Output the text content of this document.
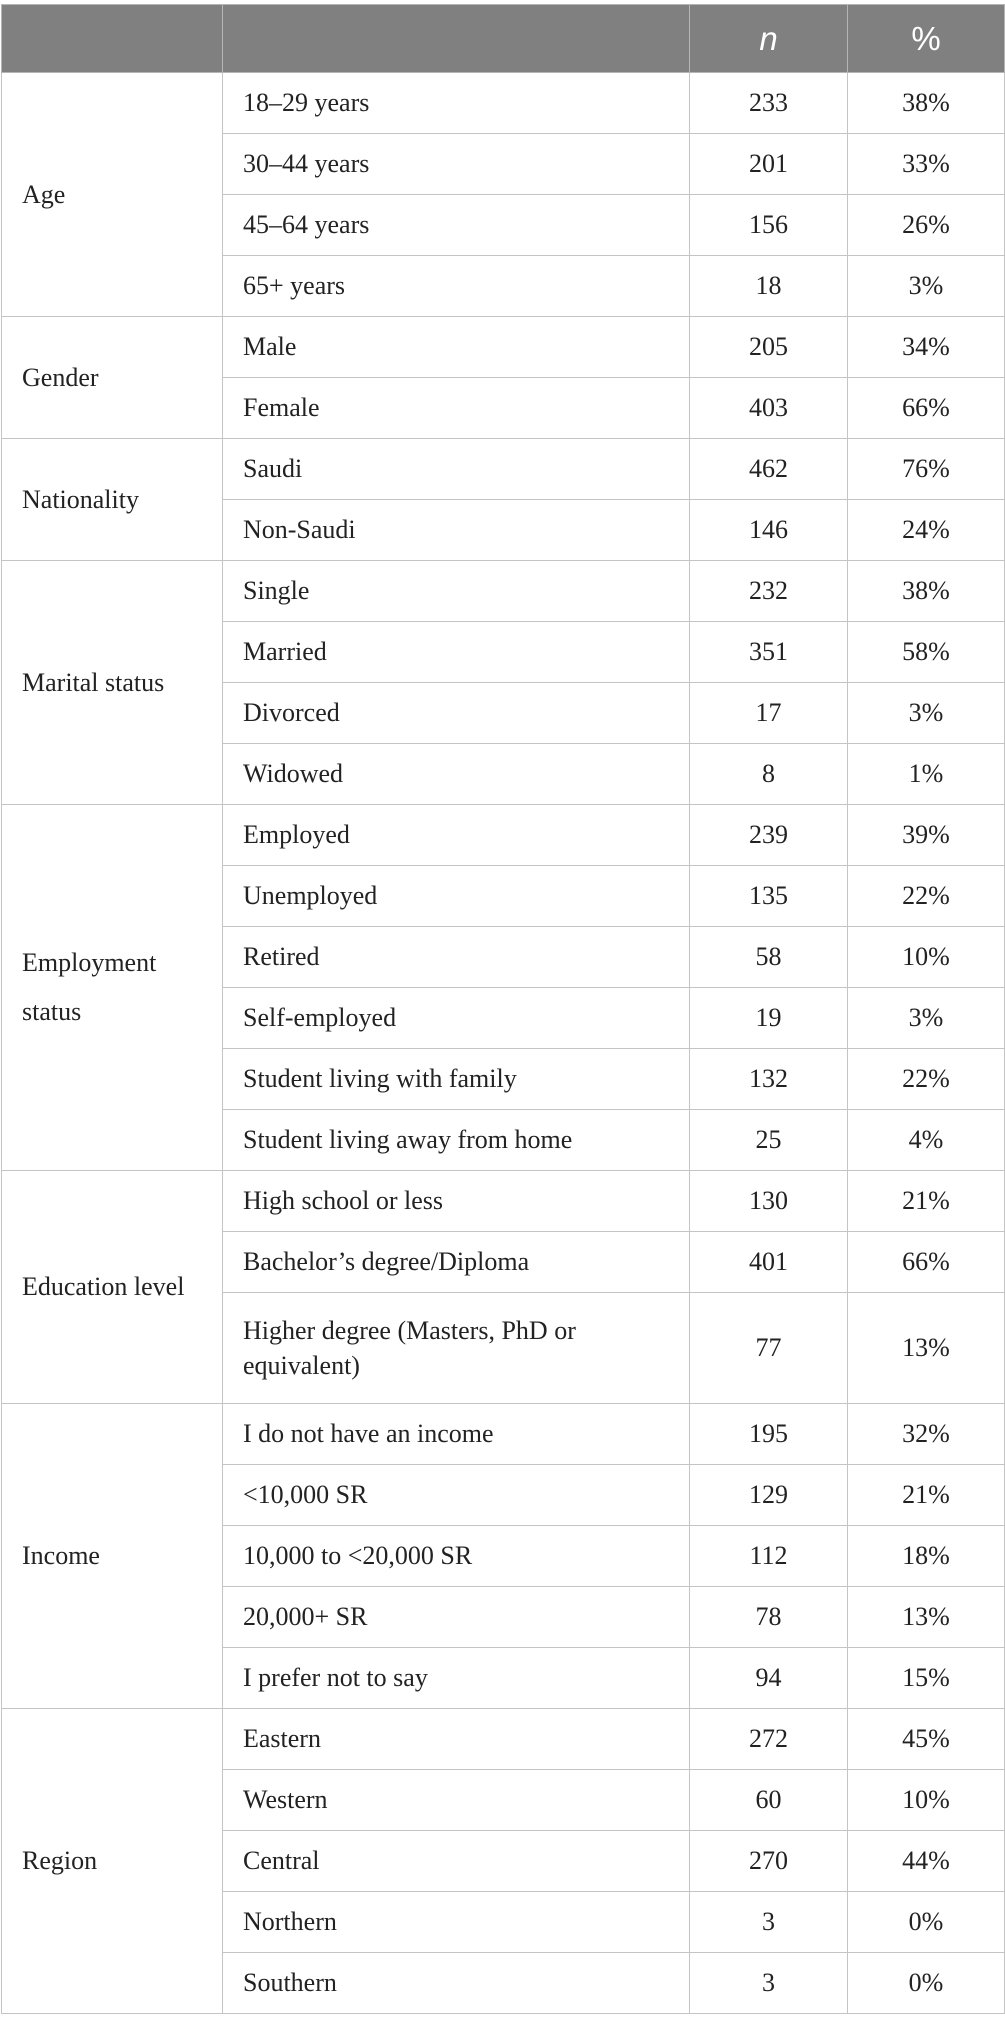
		n	%
Age	18–29 years	233	38%
	30–44 years	201	33%
	45–64 years	156	26%
	65+ years	18	3%
Gender	Male	205	34%
	Female	403	66%
Nationality	Saudi	462	76%
	Non-Saudi	146	24%
Marital status	Single	232	38%
	Married	351	58%
	Divorced	17	3%
	Widowed	8	1%
Employment status	Employed	239	39%
	Unemployed	135	22%
	Retired	58	10%
	Self-employed	19	3%
	Student living with family	132	22%
	Student living away from home	25	4%
Education level	High school or less	130	21%
	Bachelor’s degree/Diploma	401	66%
	Higher degree (Masters, PhD or equivalent)	77	13%
Income	I do not have an income	195	32%
	<10,000 SR	129	21%
	10,000 to <20,000 SR	112	18%
	20,000+ SR	78	13%
	I prefer not to say	94	15%
Region	Eastern	272	45%
	Western	60	10%
	Central	270	44%
	Northern	3	0%
	Southern	3	0%
